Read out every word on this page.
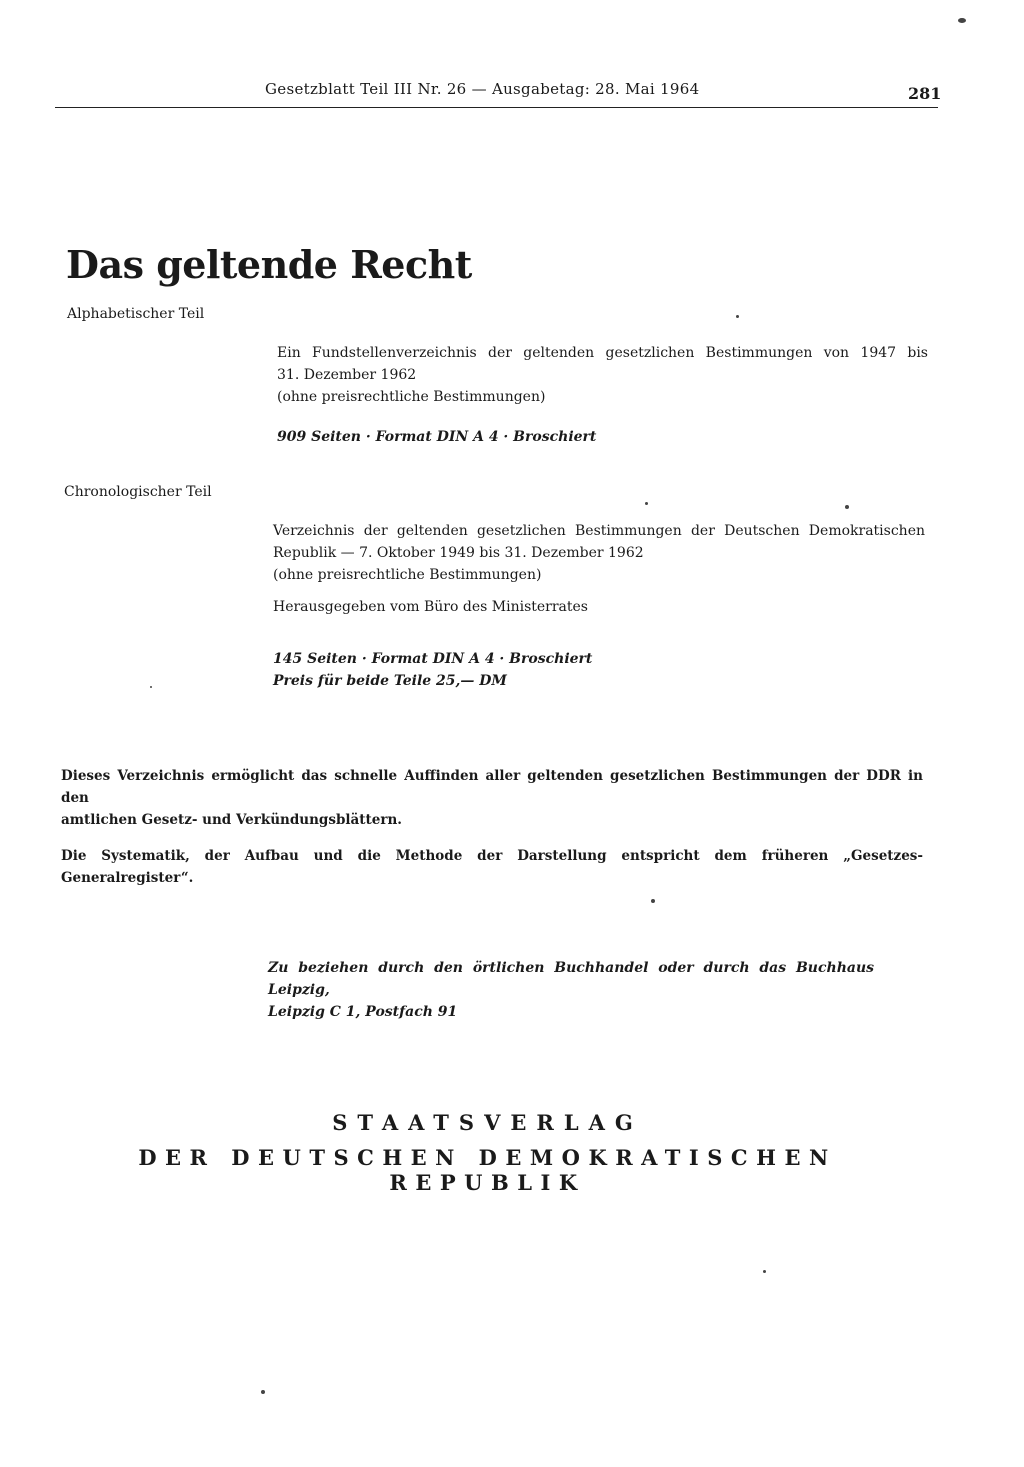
Gesetzblatt Teil III Nr. 26 — Ausgabetag: 28. Mai 1964	281
Das geltende Recht
Alphabetischer Teil

Ein Fundstellenverzeichnis der geltenden gesetzlichen Bestimmungen von 1947 bis

31. Dezember 1962

(ohne preisrechtliche Bestimmungen)

909 Seiten · Format DIN A 4 · Broschiert

Chronologischer Teil

Verzeichnis der geltenden gesetzlichen Bestimmungen der Deutschen Demokratischen

Republik — 7. Oktober 1949 bis 31. Dezember 1962

(ohne preisrechtliche Bestimmungen)

Herausgegeben vom Büro des Ministerrates

145 Seiten · Format DIN A 4 · Broschiert

Preis für beide Teile 25,— DM

Dieses Verzeichnis ermöglicht das schnelle Auffinden aller geltenden gesetzlichen Bestimmungen der DDR in den

amtlichen Gesetz- und Verkündungsblättern.

Die Systematik, der Aufbau und die Methode der Darstellung entspricht dem früheren „Gesetzes-Generalregister“.

Zu beziehen durch den örtlichen Buchhandel oder durch das Buchhaus Leipzig,

Leipzig C 1, Postfach 91

STAATSVERLAG
DER DEUTSCHEN DEMOKRATISCHEN REPUBLIK
